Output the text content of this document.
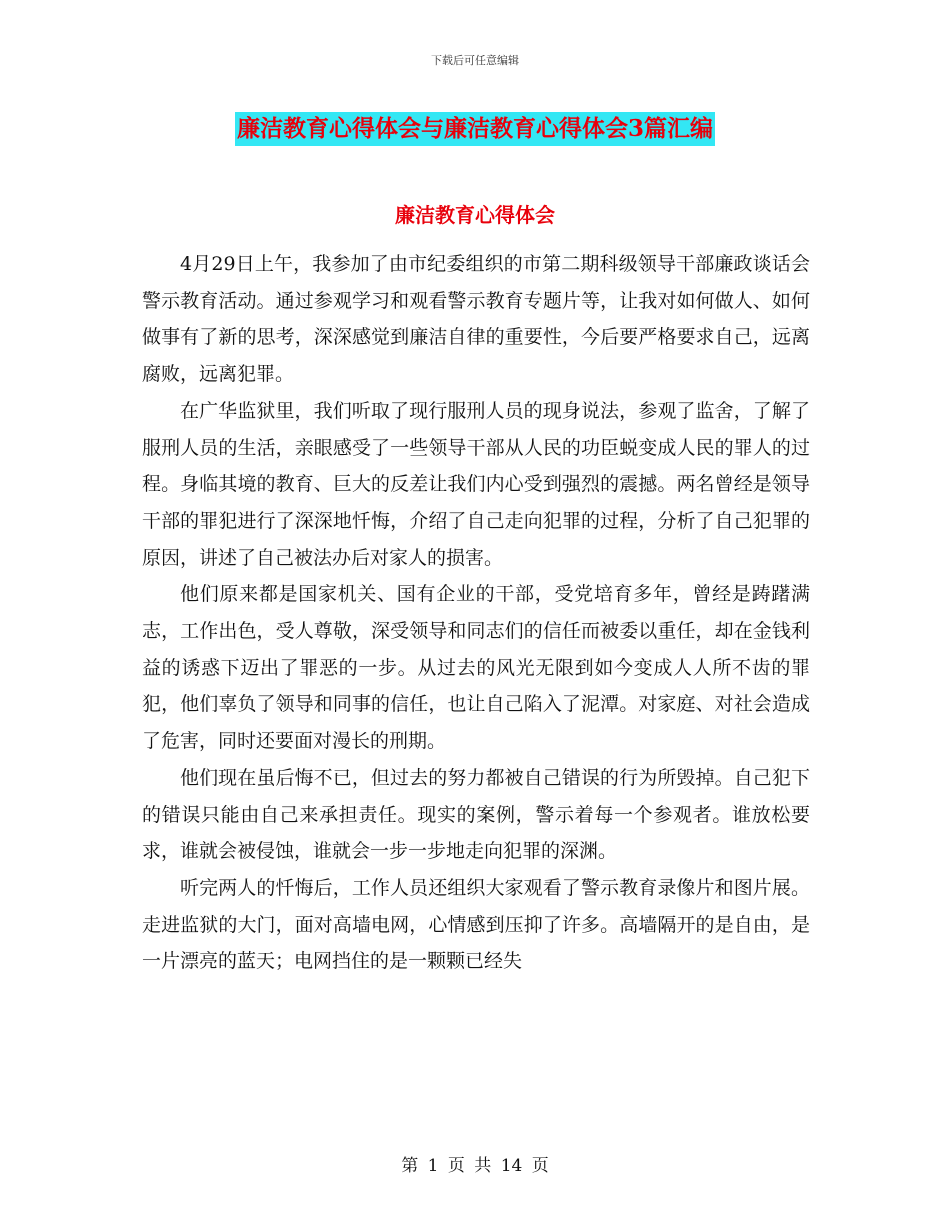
下载后可任意编辑
廉洁教育心得体会与廉洁教育心得体会3篇汇编
廉洁教育心得体会

4月29日上午，我参加了由市纪委组织的市第二期科级领导干部廉政谈话会警示教育活动。通过参观学习和观看警示教育专题片等，让我对如何做人、如何做事有了新的思考，深深感觉到廉洁自律的重要性，今后要严格要求自己，远离腐败，远离犯罪。

在广华监狱里，我们听取了现行服刑人员的现身说法，参观了监舍，了解了服刑人员的生活，亲眼感受了一些领导干部从人民的功臣蜕变成人民的罪人的过程。身临其境的教育、巨大的反差让我们内心受到强烈的震撼。两名曾经是领导干部的罪犯进行了深深地忏悔，介绍了自己走向犯罪的过程，分析了自己犯罪的原因，讲述了自己被法办后对家人的损害。

他们原来都是国家机关、国有企业的干部，受党培育多年，曾经是踌躇满志，工作出色，受人尊敬，深受领导和同志们的信任而被委以重任，却在金钱利益的诱惑下迈出了罪恶的一步。从过去的风光无限到如今变成人人所不齿的罪犯，他们辜负了领导和同事的信任，也让自己陷入了泥潭。对家庭、对社会造成了危害，同时还要面对漫长的刑期。

他们现在虽后悔不已，但过去的努力都被自己错误的行为所毁掉。自己犯下的错误只能由自己来承担责任。现实的案例，警示着每一个参观者。谁放松要求，谁就会被侵蚀，谁就会一步一步地走向犯罪的深渊。

听完两人的忏悔后，工作人员还组织大家观看了警示教育录像片和图片展。走进监狱的大门，面对高墙电网，心情感到压抑了许多。高墙隔开的是自由，是一片漂亮的蓝天；电网挡住的是一颗颗已经失

第 1 页 共 14 页
